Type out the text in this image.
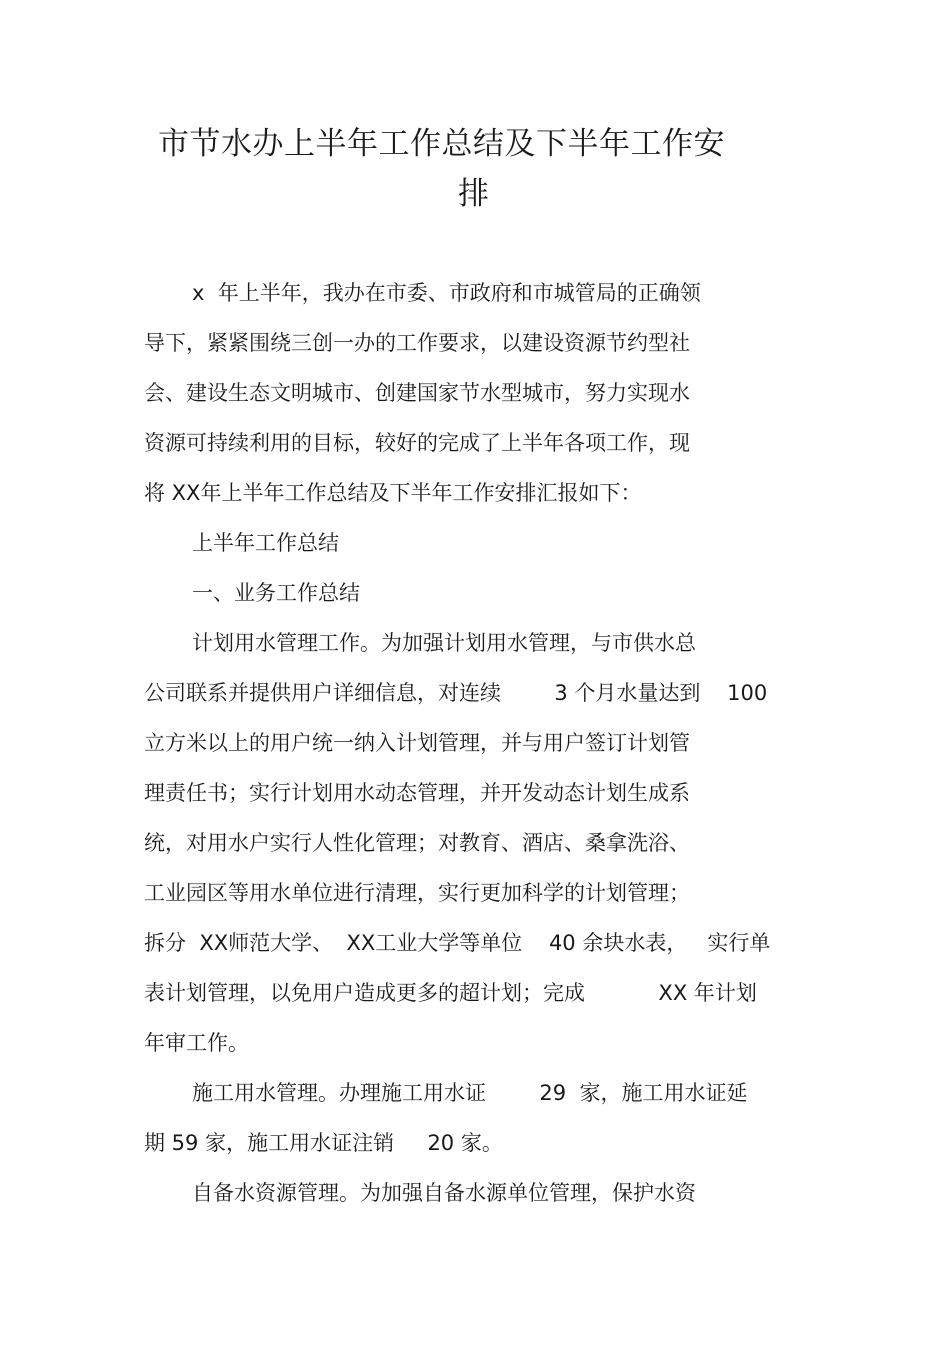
市节水办上半年工作总结及下半年工作安
排

x  年上半年，我办在市委、市政府和市城管局的正确领

导下，紧紧围绕三创一办的工作要求，以建设资源节约型社

会、建设生态文明城市、创建国家节水型城市，努力实现水

资源可持续利用的目标，较好的完成了上半年各项工作，现

将 XX年上半年工作总结及下半年工作安排汇报如下：

上半年工作总结

一、业务工作总结

计划用水管理工作。为加强计划用水管理，与市供水总

公司联系并提供用户详细信息，对连续        3 个月水量达到    100

立方米以上的用户统一纳入计划管理，并与用户签订计划管

理责任书；实行计划用水动态管理，并开发动态计划生成系

统，对用水户实行人性化管理；对教育、酒店、桑拿洗浴、

工业园区等用水单位进行清理，实行更加科学的计划管理；

拆分  XX师范大学、  XX工业大学等单位    40 余块水表，   实行单

表计划管理，以免用户造成更多的超计划；完成           XX 年计划

年审工作。

施工用水管理。办理施工用水证        29  家，施工用水证延

期 59 家，施工用水证注销     20 家。

自备水资源管理。为加强自备水源单位管理，保护水资
